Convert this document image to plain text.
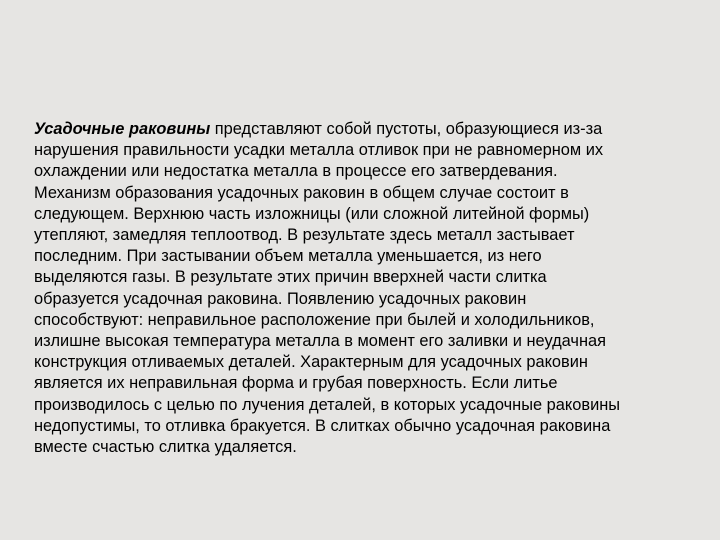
Усадочные раковины представляют собой пустоты, образующиеся из-за
нарушения правильности усадки металла отливок при не равномерном их
охлаждении или недостатка металла в процессе его затвердевания.
Механизм образования усадочных раковин в общем случае состоит в
следующем. Верхнюю часть изложницы (или сложной литейной формы)
утепляют, замедляя теплоотвод. В результате здесь металл застывает
последним. При застывании объем металла уменьшается, из него
выделяются газы. В результате этих причин вверхней части слитка
образуется усадочная раковина. Появлению усадочных раковин
способствуют: неправильное расположение при былей и холодильников,
излишне высокая температура металла в момент его заливки и неудачная
конструкция отливаемых деталей. Характерным для усадочных раковин
является их неправильная форма и грубая поверхность. Если литье
производилось с целью по лучения деталей, в которых усадочные раковины
недопустимы, то отливка бракуется. В слитках обычно усадочная раковина
вместе счастью слитка удаляется.
